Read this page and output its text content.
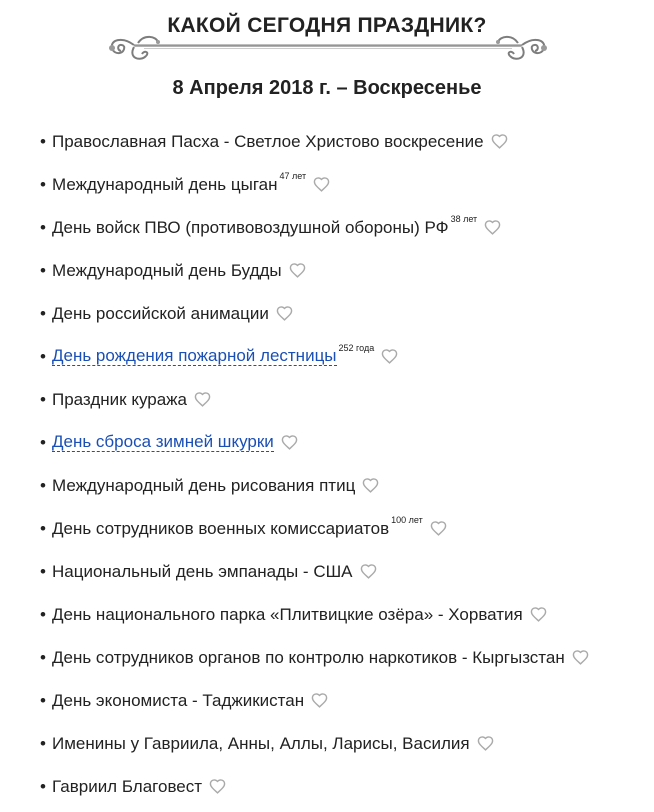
КАКОЙ СЕГОДНЯ ПРАЗДНИК?
8 Апреля 2018 г. – Воскресенье
• Православная Пасха - Светлое Христово воскресение
• Международный день цыган 47 лет
• День войск ПВО (противовоздушной обороны) РФ 38 лет
• Международный день Будды
• День российской анимации
• День рождения пожарной лестницы 252 года
• Праздник куража
• День сброса зимней шкурки
• Международный день рисования птиц
• День сотрудников военных комиссариатов 100 лет
• Национальный день эмпанады - США
• День национального парка «Плитвицкие озёра» - Хорватия
• День сотрудников органов по контролю наркотиков - Кыргызстан
• День экономиста - Таджикистан
• Именины у Гавриила, Анны, Аллы, Ларисы, Василия
• Гавриил Благовест
